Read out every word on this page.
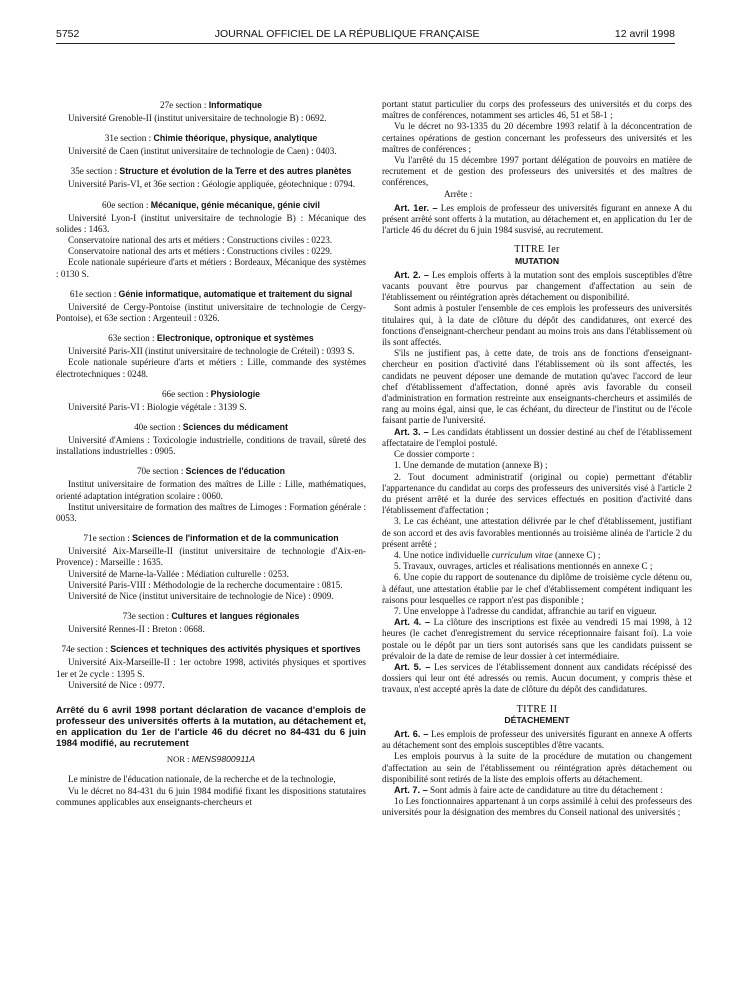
5752	JOURNAL OFFICIEL DE LA RÉPUBLIQUE FRANÇAISE	12 avril 1998
27e section : Informatique
Université Grenoble-II (institut universitaire de technologie B) : 0692.
31e section : Chimie théorique, physique, analytique
Université de Caen (institut universitaire de technologie de Caen) : 0403.
35e section : Structure et évolution de la Terre et des autres planètes
Université Paris-VI, et 36e section : Géologie appliquée, géotechnique : 0794.
60e section : Mécanique, génie mécanique, génie civil
Université Lyon-I (institut universitaire de technologie B) : Mécanique des solides : 1463.
Conservatoire national des arts et métiers : Constructions civiles : 0223.
Conservatoire national des arts et métiers : Constructions civiles : 0229.
Ecole nationale supérieure d'arts et métiers : Bordeaux, Mécanique des systèmes : 0130 S.
61e section : Génie informatique, automatique et traitement du signal
Université de Cergy-Pontoise (institut universitaire de technologie de Cergy-Pontoise), et 63e section : Argenteuil : 0326.
63e section : Electronique, optronique et systèmes
Université Paris-XII (institut universitaire de technologie de Créteil) : 0393 S.
Ecole nationale supérieure d'arts et métiers : Lille, commande des systèmes électrotechniques : 0248.
66e section : Physiologie
Université Paris-VI : Biologie végétale : 3139 S.
40e section : Sciences du médicament
Université d'Amiens : Toxicologie industrielle, conditions de travail, sûreté des installations industrielles : 0905.
70e section : Sciences de l'éducation
Institut universitaire de formation des maîtres de Lille : Lille, mathématiques, orienté adaptation intégration scolaire : 0060.
Institut universitaire de formation des maîtres de Limoges : Formation générale : 0053.
71e section : Sciences de l'information et de la communication
Université Aix-Marseille-II (institut universitaire de technologie d'Aix-en-Provence) : Marseille : 1635.
Université de Marne-la-Vallée : Médiation culturelle : 0253.
Université Paris-VIII : Méthodologie de la recherche documentaire : 0815.
Université de Nice (institut universitaire de technologie de Nice) : 0909.
73e section : Cultures et langues régionales
Université Rennes-II : Breton : 0668.
74e section : Sciences et techniques des activités physiques et sportives
Université Aix-Marseille-II : 1er octobre 1998, activités physiques et sportives 1er et 2e cycle : 1395 S.
Université de Nice : 0977.
Arrêté du 6 avril 1998 portant déclaration de vacance d'emplois de professeur des universités offerts à la mutation, au détachement et, en application du 1er de l'article 46 du décret no 84-431 du 6 juin 1984 modifié, au recrutement
NOR : MENS9800911A
Le ministre de l'éducation nationale, de la recherche et de la technologie,
Vu le décret no 84-431 du 6 juin 1984 modifié fixant les dispositions statutaires communes applicables aux enseignants-chercheurs et
portant statut particulier du corps des professeurs des universités et du corps des maîtres de conférences, notamment ses articles 46, 51 et 58-1 ;
Vu le décret no 93-1335 du 20 décembre 1993 relatif à la déconcentration de certaines opérations de gestion concernant les professeurs des universités et les maîtres de conférences ;
Vu l'arrêté du 15 décembre 1997 portant délégation de pouvoirs en matière de recrutement et de gestion des professeurs des universités et des maîtres de conférences,
Arrête :
Art. 1er. – Les emplois de professeur des universités figurant en annexe A du présent arrêté sont offerts à la mutation, au détachement et, en application du 1er de l'article 46 du décret du 6 juin 1984 susvisé, au recrutement.
TITRE Ier
MUTATION
Art. 2. – Les emplois offerts à la mutation sont des emplois susceptibles d'être vacants pouvant être pourvus par changement d'affectation au sein de l'établissement ou réintégration après détachement ou disponibilité.
Sont admis à postuler l'ensemble de ces emplois les professeurs des universités titulaires qui, à la date de clôture du dépôt des candidatures, ont exercé des fonctions d'enseignant-chercheur pendant au moins trois ans dans l'établissement où ils sont affectés.
S'ils ne justifient pas, à cette date, de trois ans de fonctions d'enseignant-chercheur en position d'activité dans l'établissement où ils sont affectés, les candidats ne peuvent déposer une demande de mutation qu'avec l'accord de leur chef d'établissement d'affectation, donné après avis favorable du conseil d'administration en formation restreinte aux enseignants-chercheurs et assimilés de rang au moins égal, ainsi que, le cas échéant, du directeur de l'institut ou de l'école faisant partie de l'université.
Art. 3. – Les candidats établissent un dossier destiné au chef de l'établissement affectataire de l'emploi postulé.
Ce dossier comporte :
1. Une demande de mutation (annexe B) ;
2. Tout document administratif (original ou copie) permettant d'établir l'appartenance du candidat au corps des professeurs des universités visé à l'article 2 du présent arrêté et la durée des services effectués en position d'activité dans l'établissement d'affectation ;
3. Le cas échéant, une attestation délivrée par le chef d'établissement, justifiant de son accord et des avis favorables mentionnés au troisième alinéa de l'article 2 du présent arrêté ;
4. Une notice individuelle curriculum vitae (annexe C) ;
5. Travaux, ouvrages, articles et réalisations mentionnés en annexe C ;
6. Une copie du rapport de soutenance du diplôme de troisième cycle détenu ou, à défaut, une attestation établie par le chef d'établissement compétent indiquant les raisons pour lesquelles ce rapport n'est pas disponible ;
7. Une enveloppe à l'adresse du candidat, affranchie au tarif en vigueur.
Art. 4. – La clôture des inscriptions est fixée au vendredi 15 mai 1998, à 12 heures (le cachet d'enregistrement du service réceptionnaire faisant foi). La voie postale ou le dépôt par un tiers sont autorisés sans que les candidats puissent se prévaloir de la date de remise de leur dossier à cet intermédiaire.
Art. 5. – Les services de l'établissement donnent aux candidats récépissé des dossiers qui leur ont été adressés ou remis. Aucun document, y compris thèse et travaux, n'est accepté après la date de clôture du dépôt des candidatures.
TITRE II
DÉTACHEMENT
Art. 6. – Les emplois de professeur des universités figurant en annexe A offerts au détachement sont des emplois susceptibles d'être vacants.
Les emplois pourvus à la suite de la procédure de mutation ou changement d'affectation au sein de l'établissement ou réintégration après détachement ou disponibilité sont retirés de la liste des emplois offerts au détachement.
Art. 7. – Sont admis à faire acte de candidature au titre du détachement :
1o Les fonctionnaires appartenant à un corps assimilé à celui des professeurs des universités pour la désignation des membres du Conseil national des universités ;
